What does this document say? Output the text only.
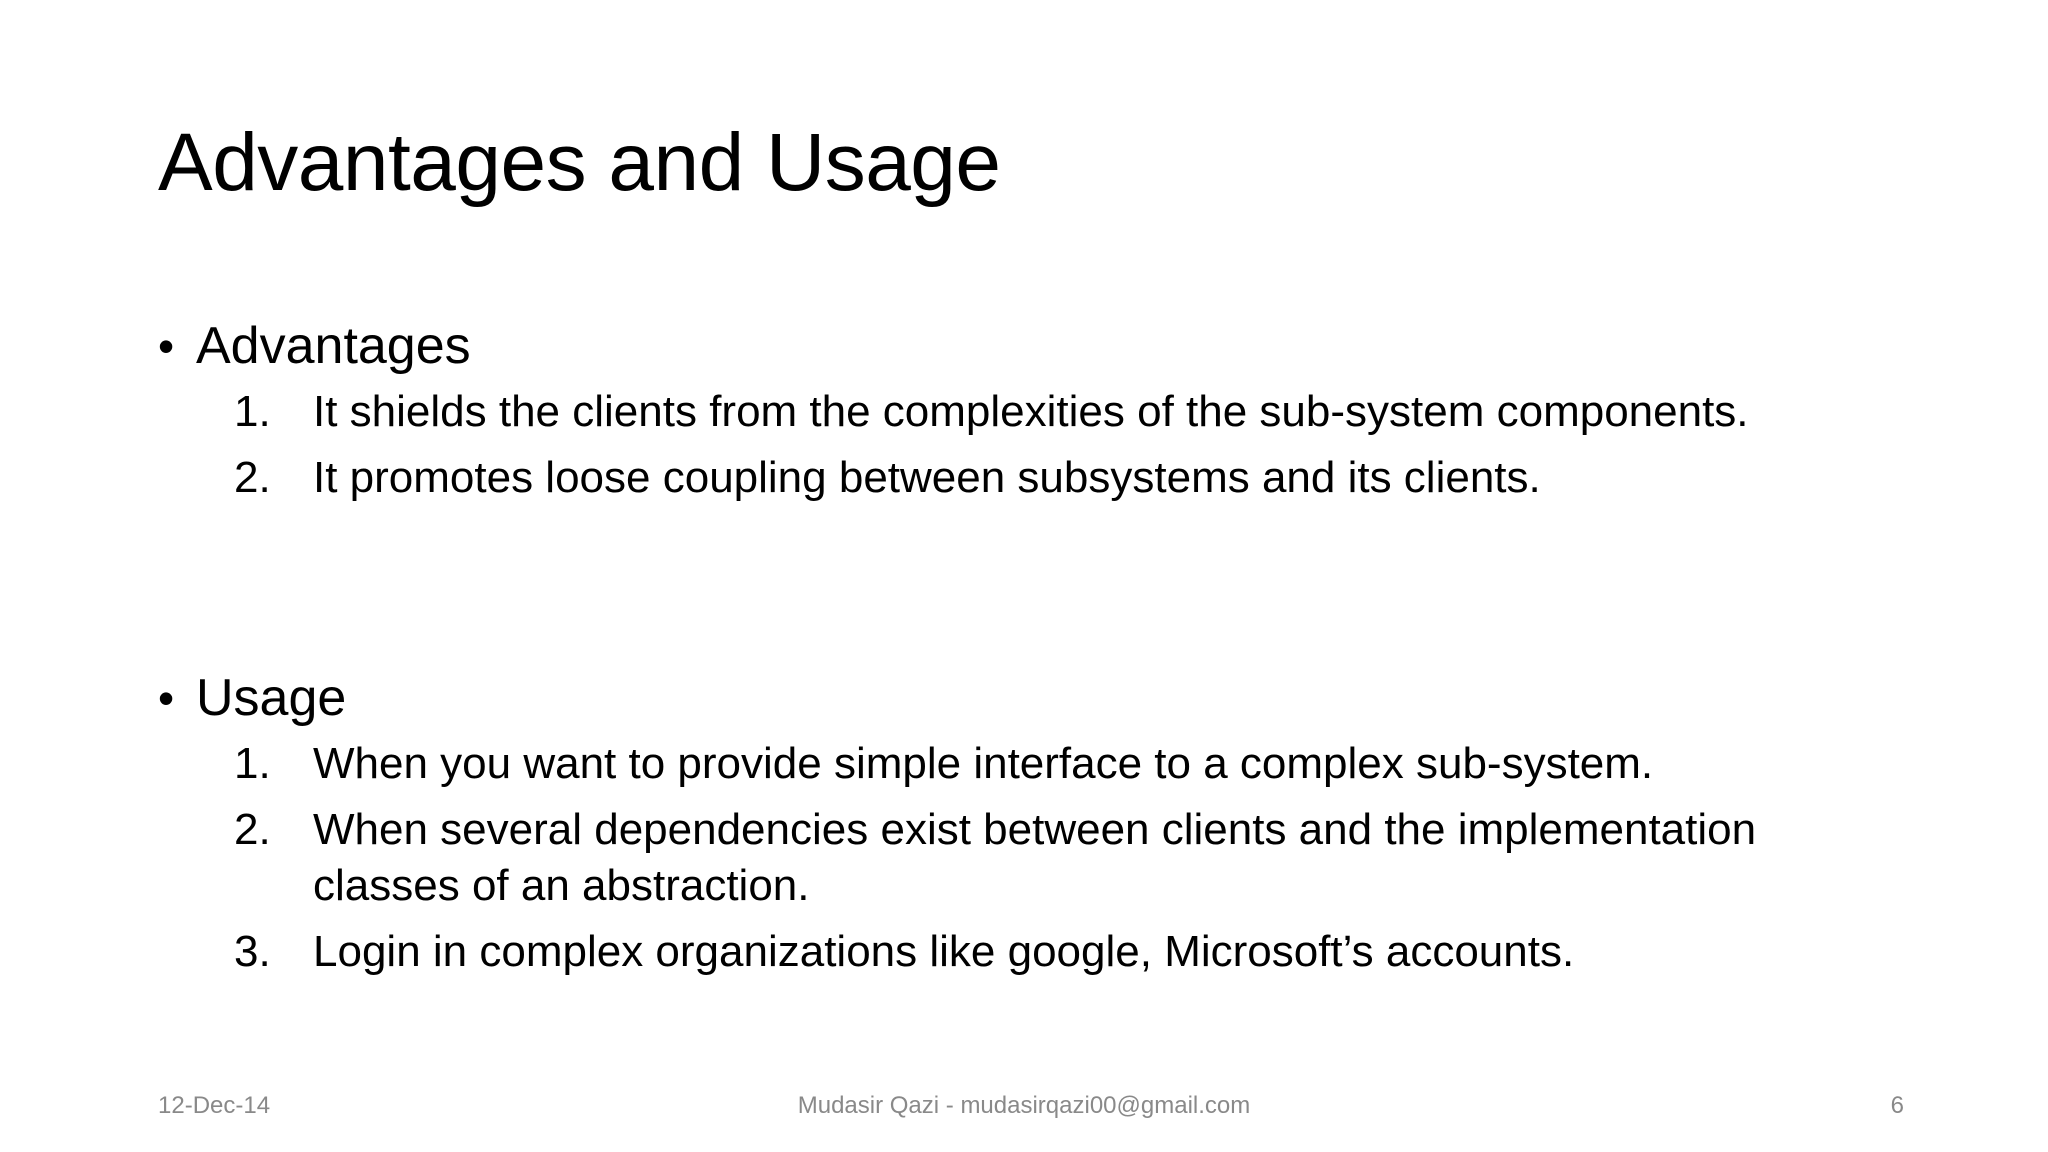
Advantages and Usage
• Advantages
1. It shields the clients from the complexities of the sub-system components.
2. It promotes loose coupling between subsystems and its clients.
• Usage
1. When you want to provide simple interface to a complex sub-system.
2. When several dependencies exist between clients and the implementation classes of an abstraction.
3. Login in complex organizations like google, Microsoft’s accounts.
12-Dec-14	Mudasir Qazi - mudasirqazi00@gmail.com	6
